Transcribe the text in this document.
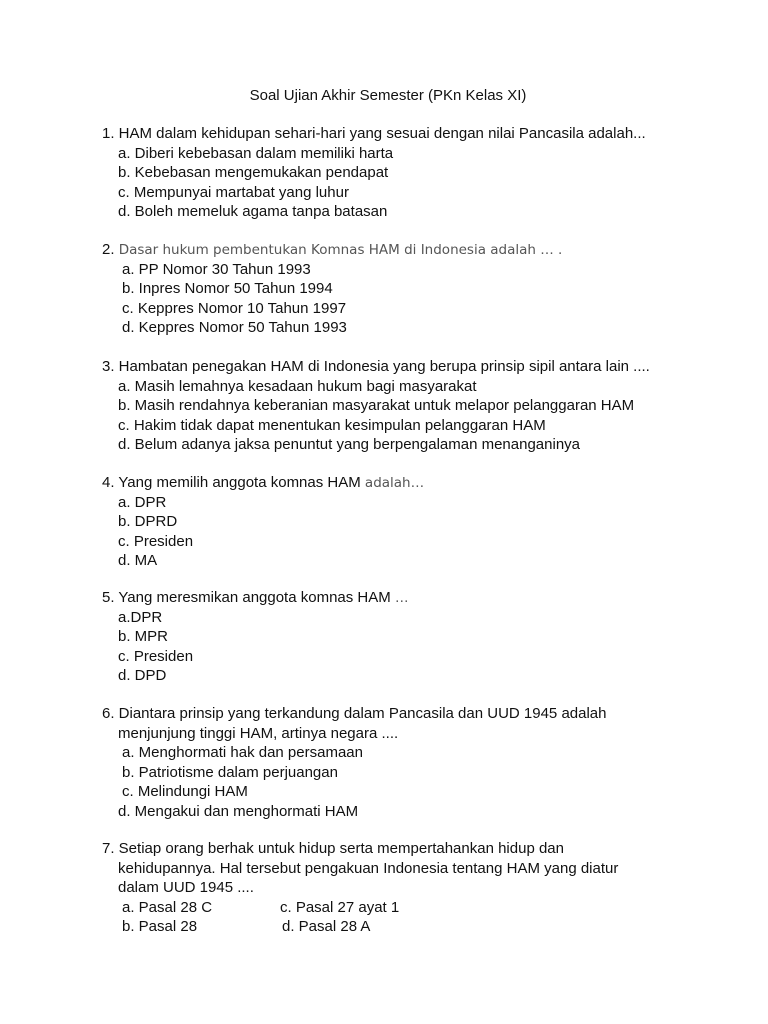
Soal Ujian Akhir Semester (PKn Kelas XI)
1. HAM dalam kehidupan sehari-hari yang sesuai dengan nilai Pancasila adalah...
a. Diberi kebebasan dalam memiliki harta
b. Kebebasan mengemukakan pendapat
c. Mempunyai martabat yang luhur
d. Boleh memeluk agama tanpa batasan
2. Dasar hukum pembentukan Komnas HAM di Indonesia adalah … .
a. PP Nomor 30 Tahun 1993
b. Inpres Nomor 50 Tahun 1994
c. Keppres Nomor 10 Tahun 1997
d. Keppres Nomor 50 Tahun 1993
3. Hambatan penegakan HAM di Indonesia yang berupa prinsip sipil antara lain ....
a. Masih lemahnya kesadaan hukum bagi masyarakat
b. Masih rendahnya keberanian masyarakat untuk melapor pelanggaran HAM
c. Hakim tidak dapat menentukan kesimpulan pelanggaran HAM
d. Belum adanya jaksa penuntut yang berpengalaman menanganinya
4. Yang memilih anggota komnas HAM adalah…
a. DPR
b. DPRD
c. Presiden
d. MA
5. Yang meresmikan anggota komnas HAM …
a.DPR
b. MPR
c. Presiden
d. DPD
6. Diantara prinsip yang terkandung dalam Pancasila dan UUD 1945 adalah
menjunjung tinggi HAM, artinya negara ....
a. Menghormati hak dan persamaan
b. Patriotisme dalam perjuangan
c. Melindungi HAM
d. Mengakui dan menghormati HAM
7. Setiap orang berhak untuk hidup serta mempertahankan hidup dan
kehidupannya. Hal tersebut pengakuan Indonesia tentang HAM yang diatur
dalam UUD 1945 ....
a. Pasal 28 C	c. Pasal 27 ayat 1
b. Pasal 28	d. Pasal 28 A
